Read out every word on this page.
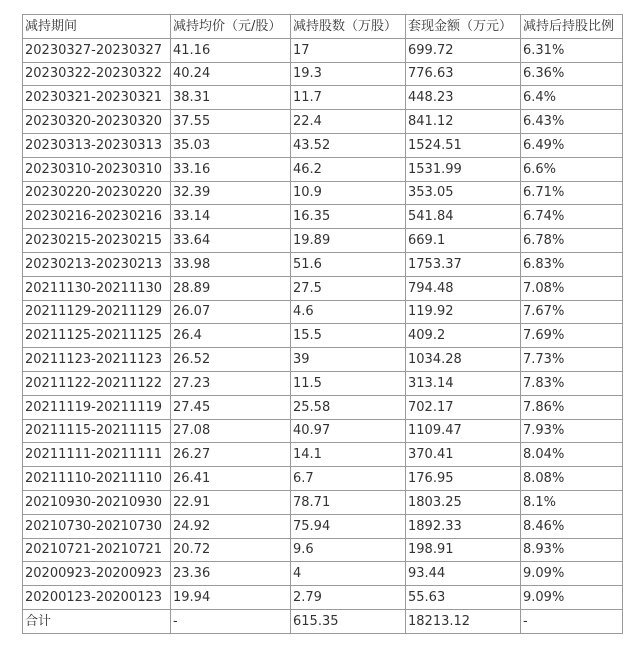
减持期间	减持均价（元/股）	减持股数（万股）	套现金额（万元）	减持后持股比例
20230327-20230327	41.16	17	699.72	6.31%
20230322-20230322	40.24	19.3	776.63	6.36%
20230321-20230321	38.31	11.7	448.23	6.4%
20230320-20230320	37.55	22.4	841.12	6.43%
20230313-20230313	35.03	43.52	1524.51	6.49%
20230310-20230310	33.16	46.2	1531.99	6.6%
20230220-20230220	32.39	10.9	353.05	6.71%
20230216-20230216	33.14	16.35	541.84	6.74%
20230215-20230215	33.64	19.89	669.1	6.78%
20230213-20230213	33.98	51.6	1753.37	6.83%
20211130-20211130	28.89	27.5	794.48	7.08%
20211129-20211129	26.07	4.6	119.92	7.67%
20211125-20211125	26.4	15.5	409.2	7.69%
20211123-20211123	26.52	39	1034.28	7.73%
20211122-20211122	27.23	11.5	313.14	7.83%
20211119-20211119	27.45	25.58	702.17	7.86%
20211115-20211115	27.08	40.97	1109.47	7.93%
20211111-20211111	26.27	14.1	370.41	8.04%
20211110-20211110	26.41	6.7	176.95	8.08%
20210930-20210930	22.91	78.71	1803.25	8.1%
20210730-20210730	24.92	75.94	1892.33	8.46%
20210721-20210721	20.72	9.6	198.91	8.93%
20200923-20200923	23.36	4	93.44	9.09%
20200123-20200123	19.94	2.79	55.63	9.09%
合计	-	615.35	18213.12	-
